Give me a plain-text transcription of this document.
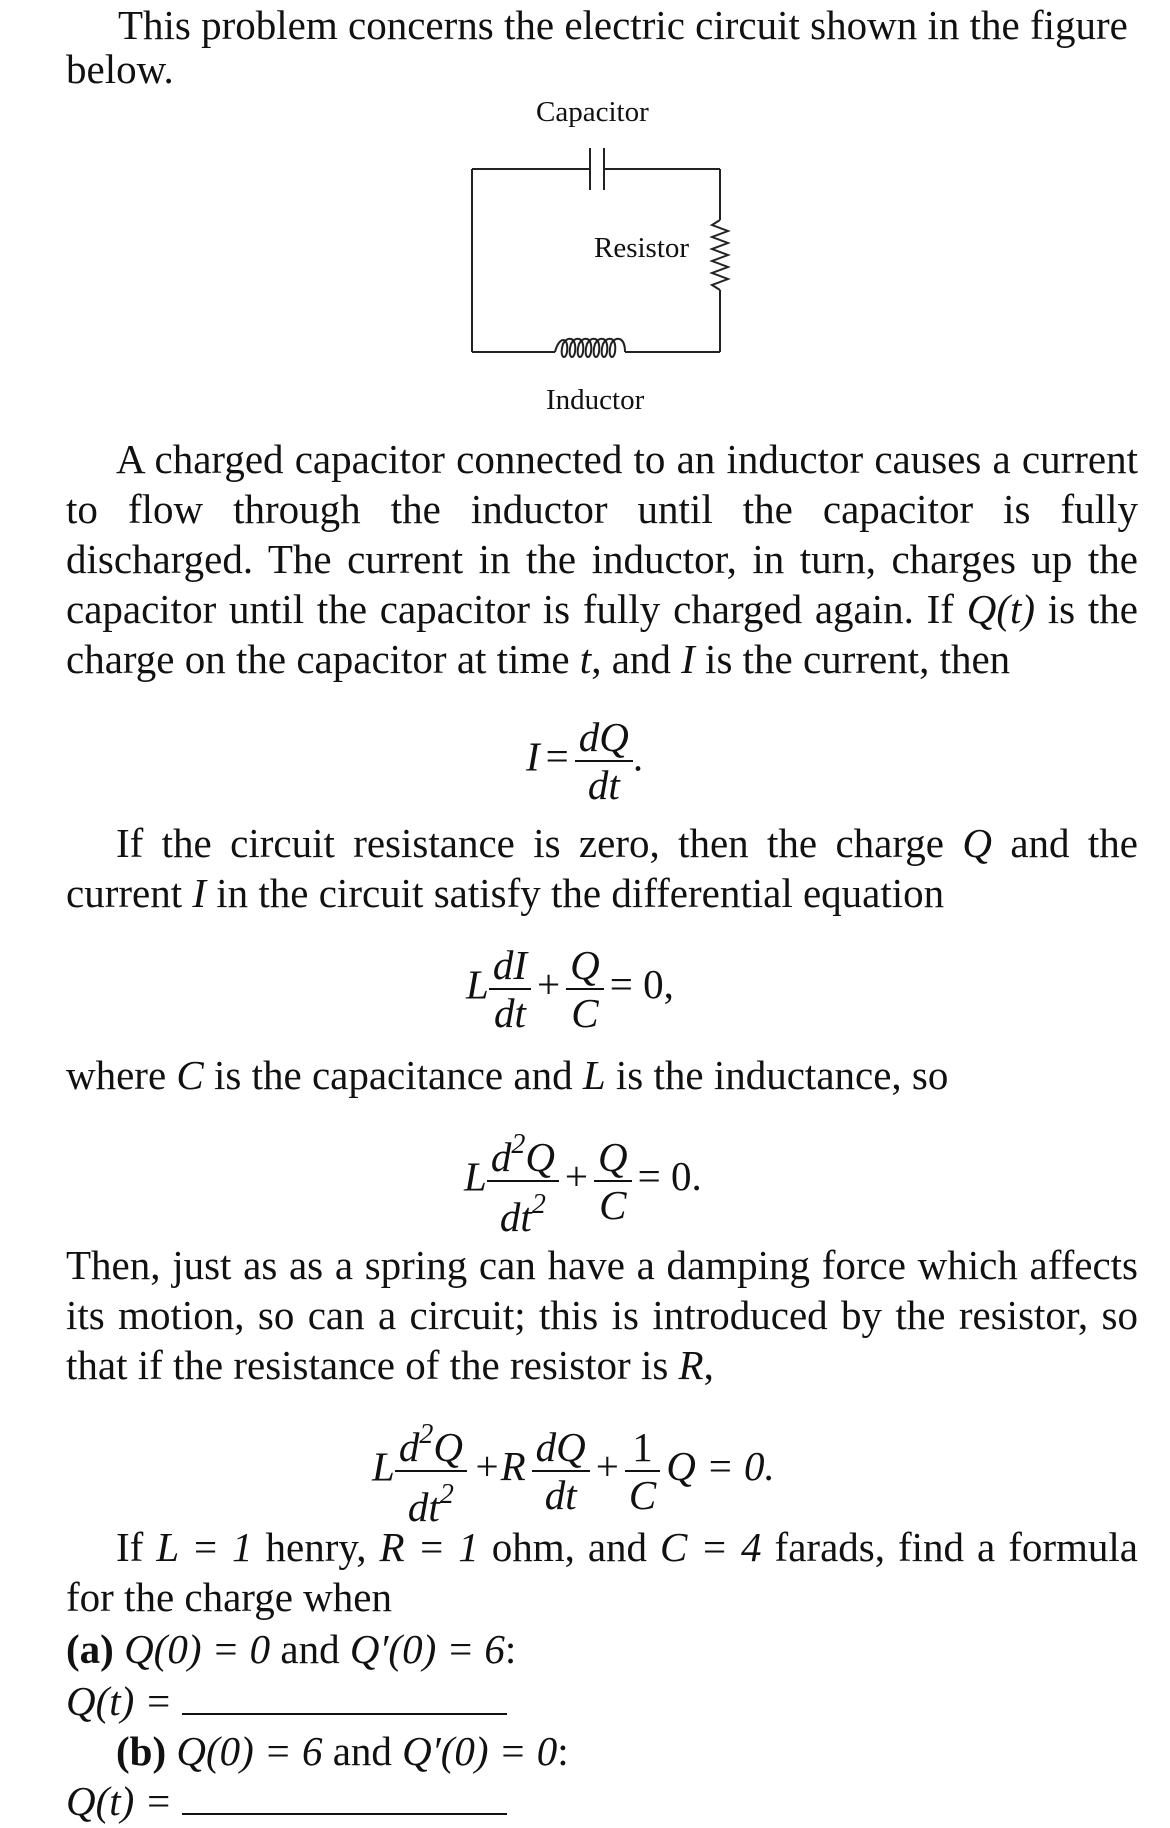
This problem concerns the electric circuit shown in the figure
below.
Capacitor
Resistor
Inductor

A charged capacitor connected to an inductor causes a current to flow through the inductor until the capacitor is fully discharged. The current in the inductor, in turn, charges up the capacitor until the capacitor is fully charged again. If Q(t) is the charge on the capacitor at time t, and I is the current, then

$I = \frac{dQ}{dt}$ .

If the circuit resistance is zero, then the charge Q and the current I in the circuit satisfy the differential equation

L $\frac{dI}{dt} + \frac{Q}{C} = 0$,

where C is the capacitance and L is the inductance, so

L $\frac{d^2Q}{dt^2} + \frac{Q}{C} = 0$.

Then, just as as a spring can have a damping force which affects its motion, so can a circuit; this is introduced by the resistor, so that if the resistance of the resistor is R,

L $\frac{d^2Q}{dt^2} +R \frac{dQ}{dt} + \frac{1}{C}$ Q = 0.

If L = 1 henry, R = 1 ohm, and C = 4 farads, find a formula for the charge when

(a) Q(0) = 0 and Q′(0) = 6:
Q(t) =
(b) Q(0) = 6 and Q′(0) = 0:
Q(t) =
